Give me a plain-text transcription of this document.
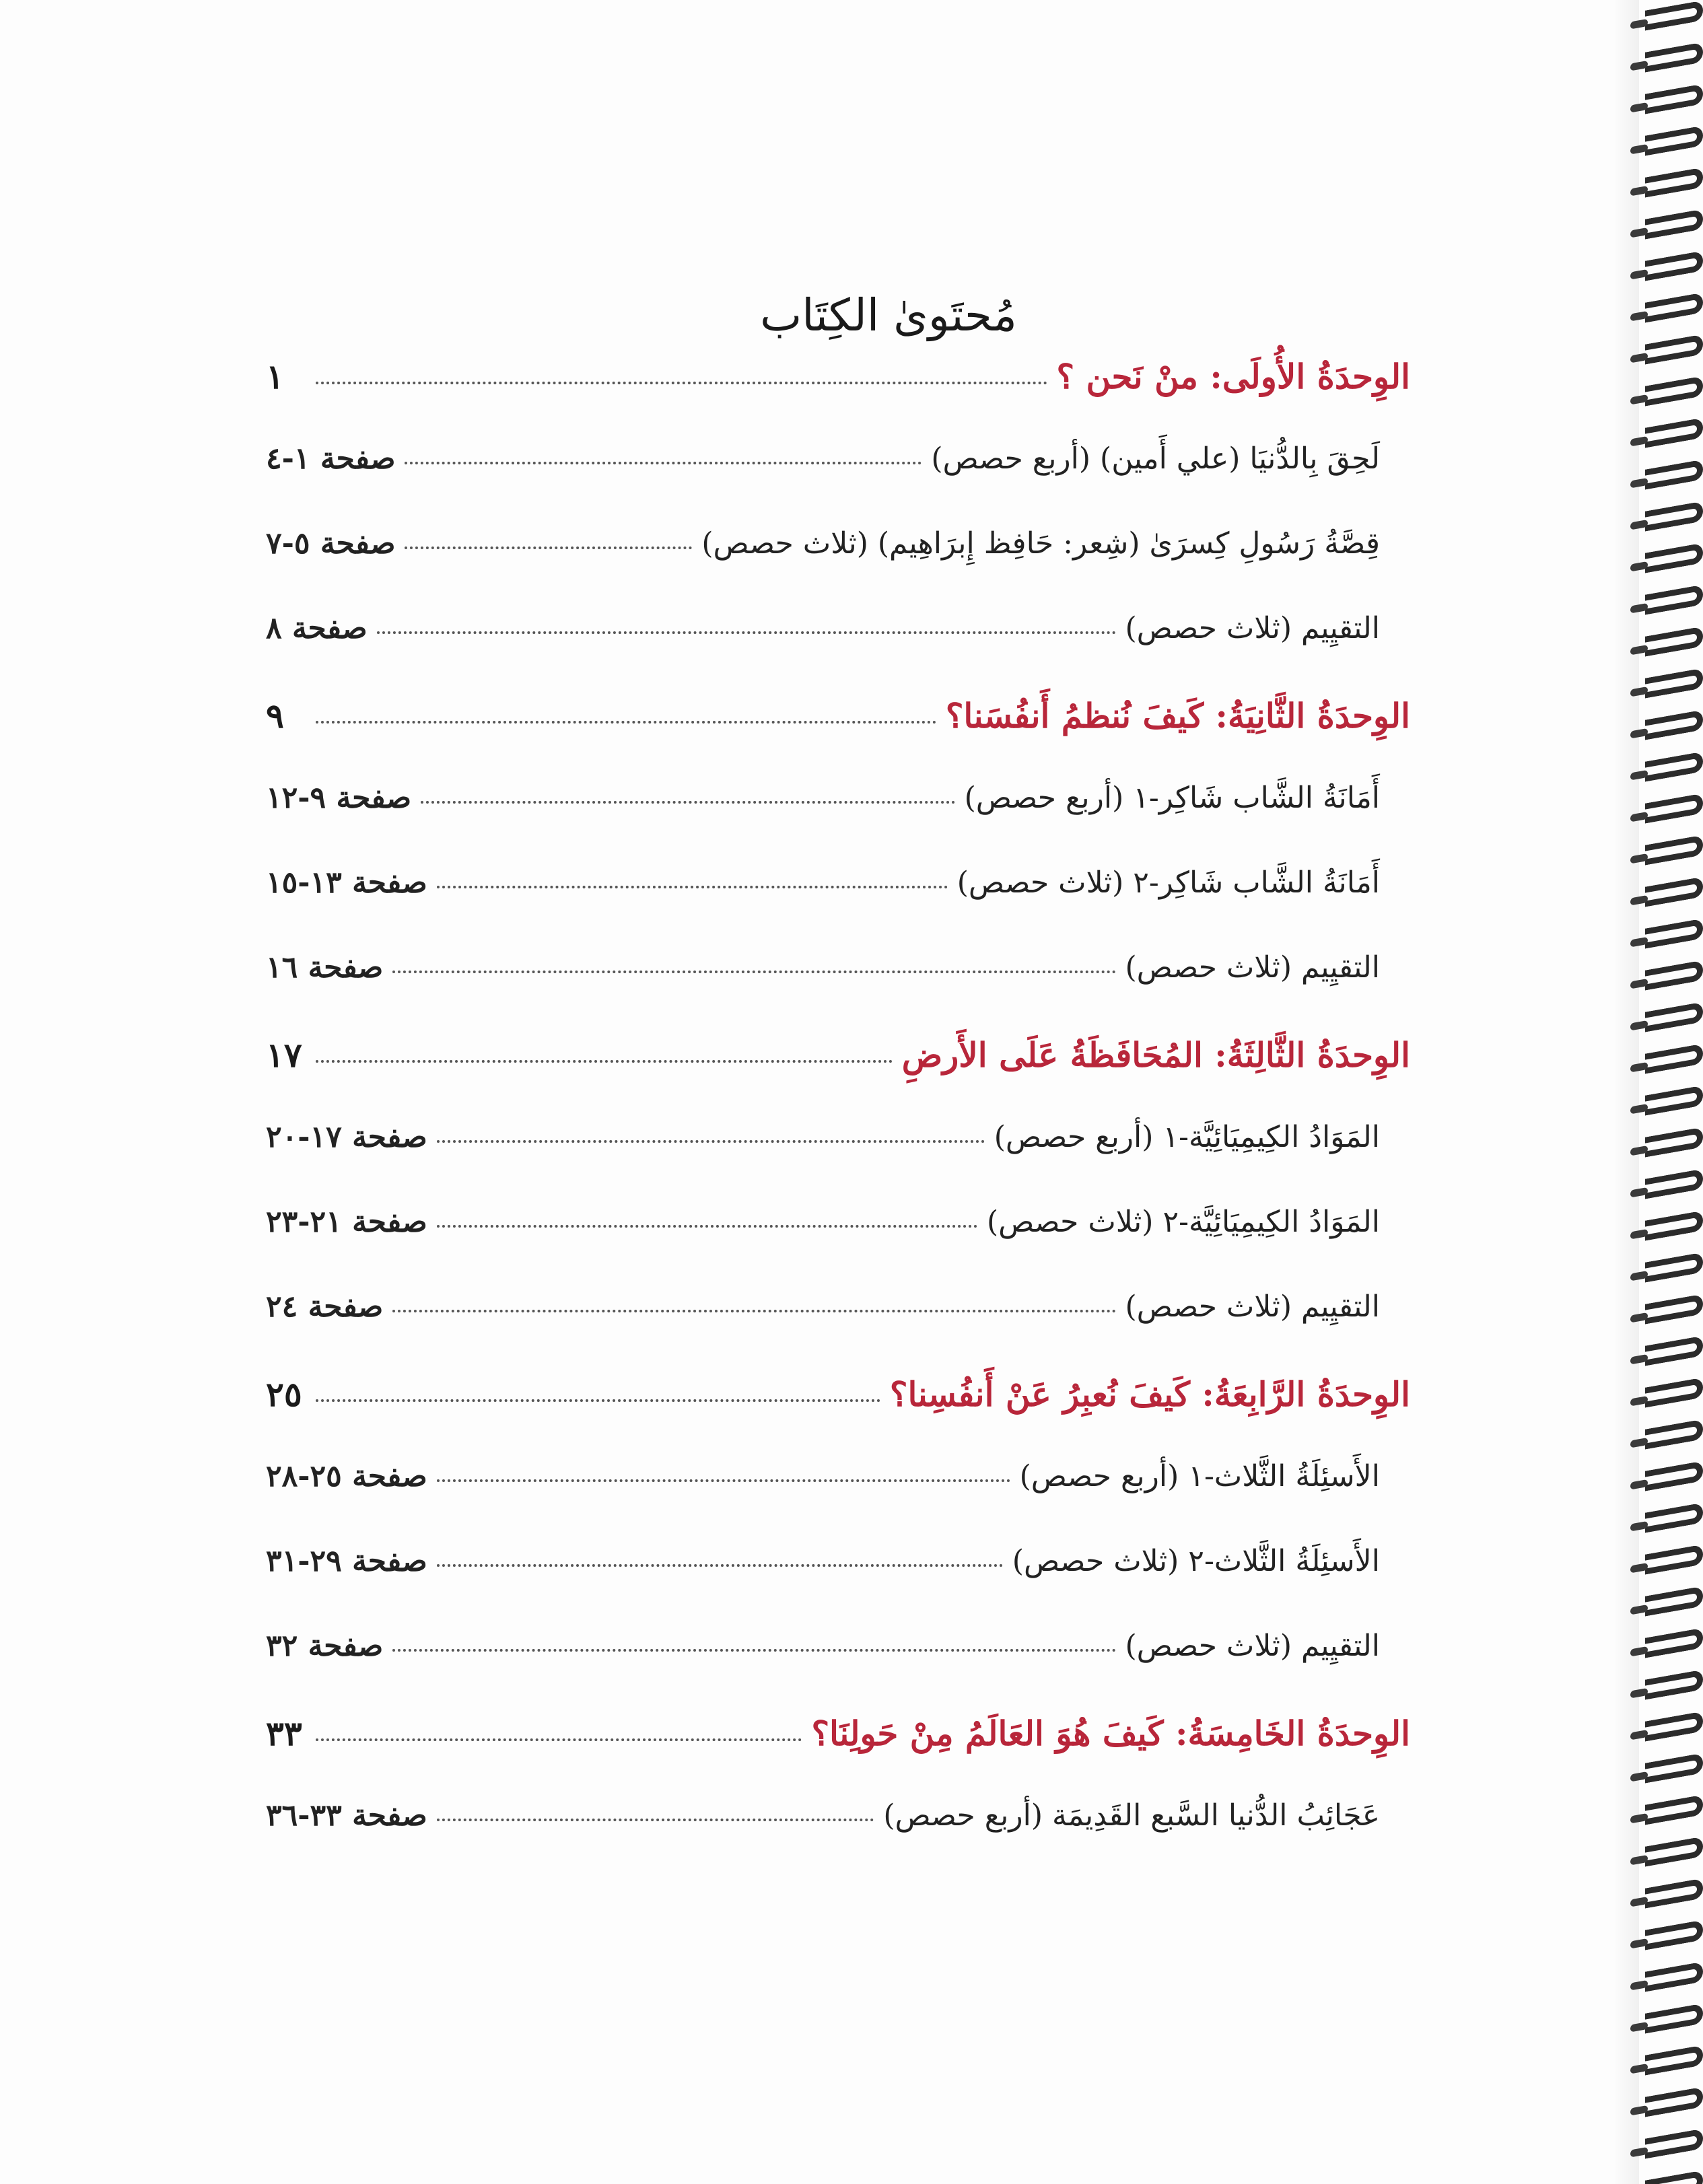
مُحتَوىٰ الكِتَاب
الوِحدَةُ الأُولَى: منْ نَحن ؟
١
لَحِقَ بِالدُّنيَا (علي أَمين) (أربع حصص)
صفحة ١-٤
قِصَّةُ رَسُولِ كِسرَىٰ (شِعر: حَافِظ إِبرَاهِيم) (ثلاث حصص)
صفحة ٥-٧
التقيِيم (ثلاث حصص)
صفحة ٨
الوِحدَةُ الثَّانِيَةُ: كَيفَ نُنظمُ أَنفُسَنا؟
٩
أَمَانَةُ الشَّاب شَاكِر-١ (أربع حصص)
صفحة ٩-١٢
أَمَانَةُ الشَّاب شَاكِر-٢ (ثلاث حصص)
صفحة ١٣-١٥
التقيِيم (ثلاث حصص)
صفحة ١٦
الوِحدَةُ الثَّالِثَةُ: المُحَافَظَةُ عَلَى الأَرضِ
١٧
المَوَادُ الكِيمِيَائِيَّة-١ (أربع حصص)
صفحة ١٧-٢٠
المَوَادُ الكِيمِيَائِيَّة-٢ (ثلاث حصص)
صفحة ٢١-٢٣
التقيِيم (ثلاث حصص)
صفحة ٢٤
الوِحدَةُ الرَّابِعَةُ: كَيفَ نُعبِرُ عَنْ أَنفُسِنا؟
٢٥
الأَسئِلَةُ الثَّلاث-١ (أربع حصص)
صفحة ٢٥-٢٨
الأَسئِلَةُ الثَّلاث-٢ (ثلاث حصص)
صفحة ٢٩-٣١
التقيِيم (ثلاث حصص)
صفحة ٣٢
الوِحدَةُ الخَامِسَةُ: كَيفَ هُوَ العَالَمُ مِنْ حَولِنَا؟
٣٣
عَجَائِبُ الدُّنيا السَّبع القَدِيمَة (أربع حصص)
صفحة ٣٣-٣٦
